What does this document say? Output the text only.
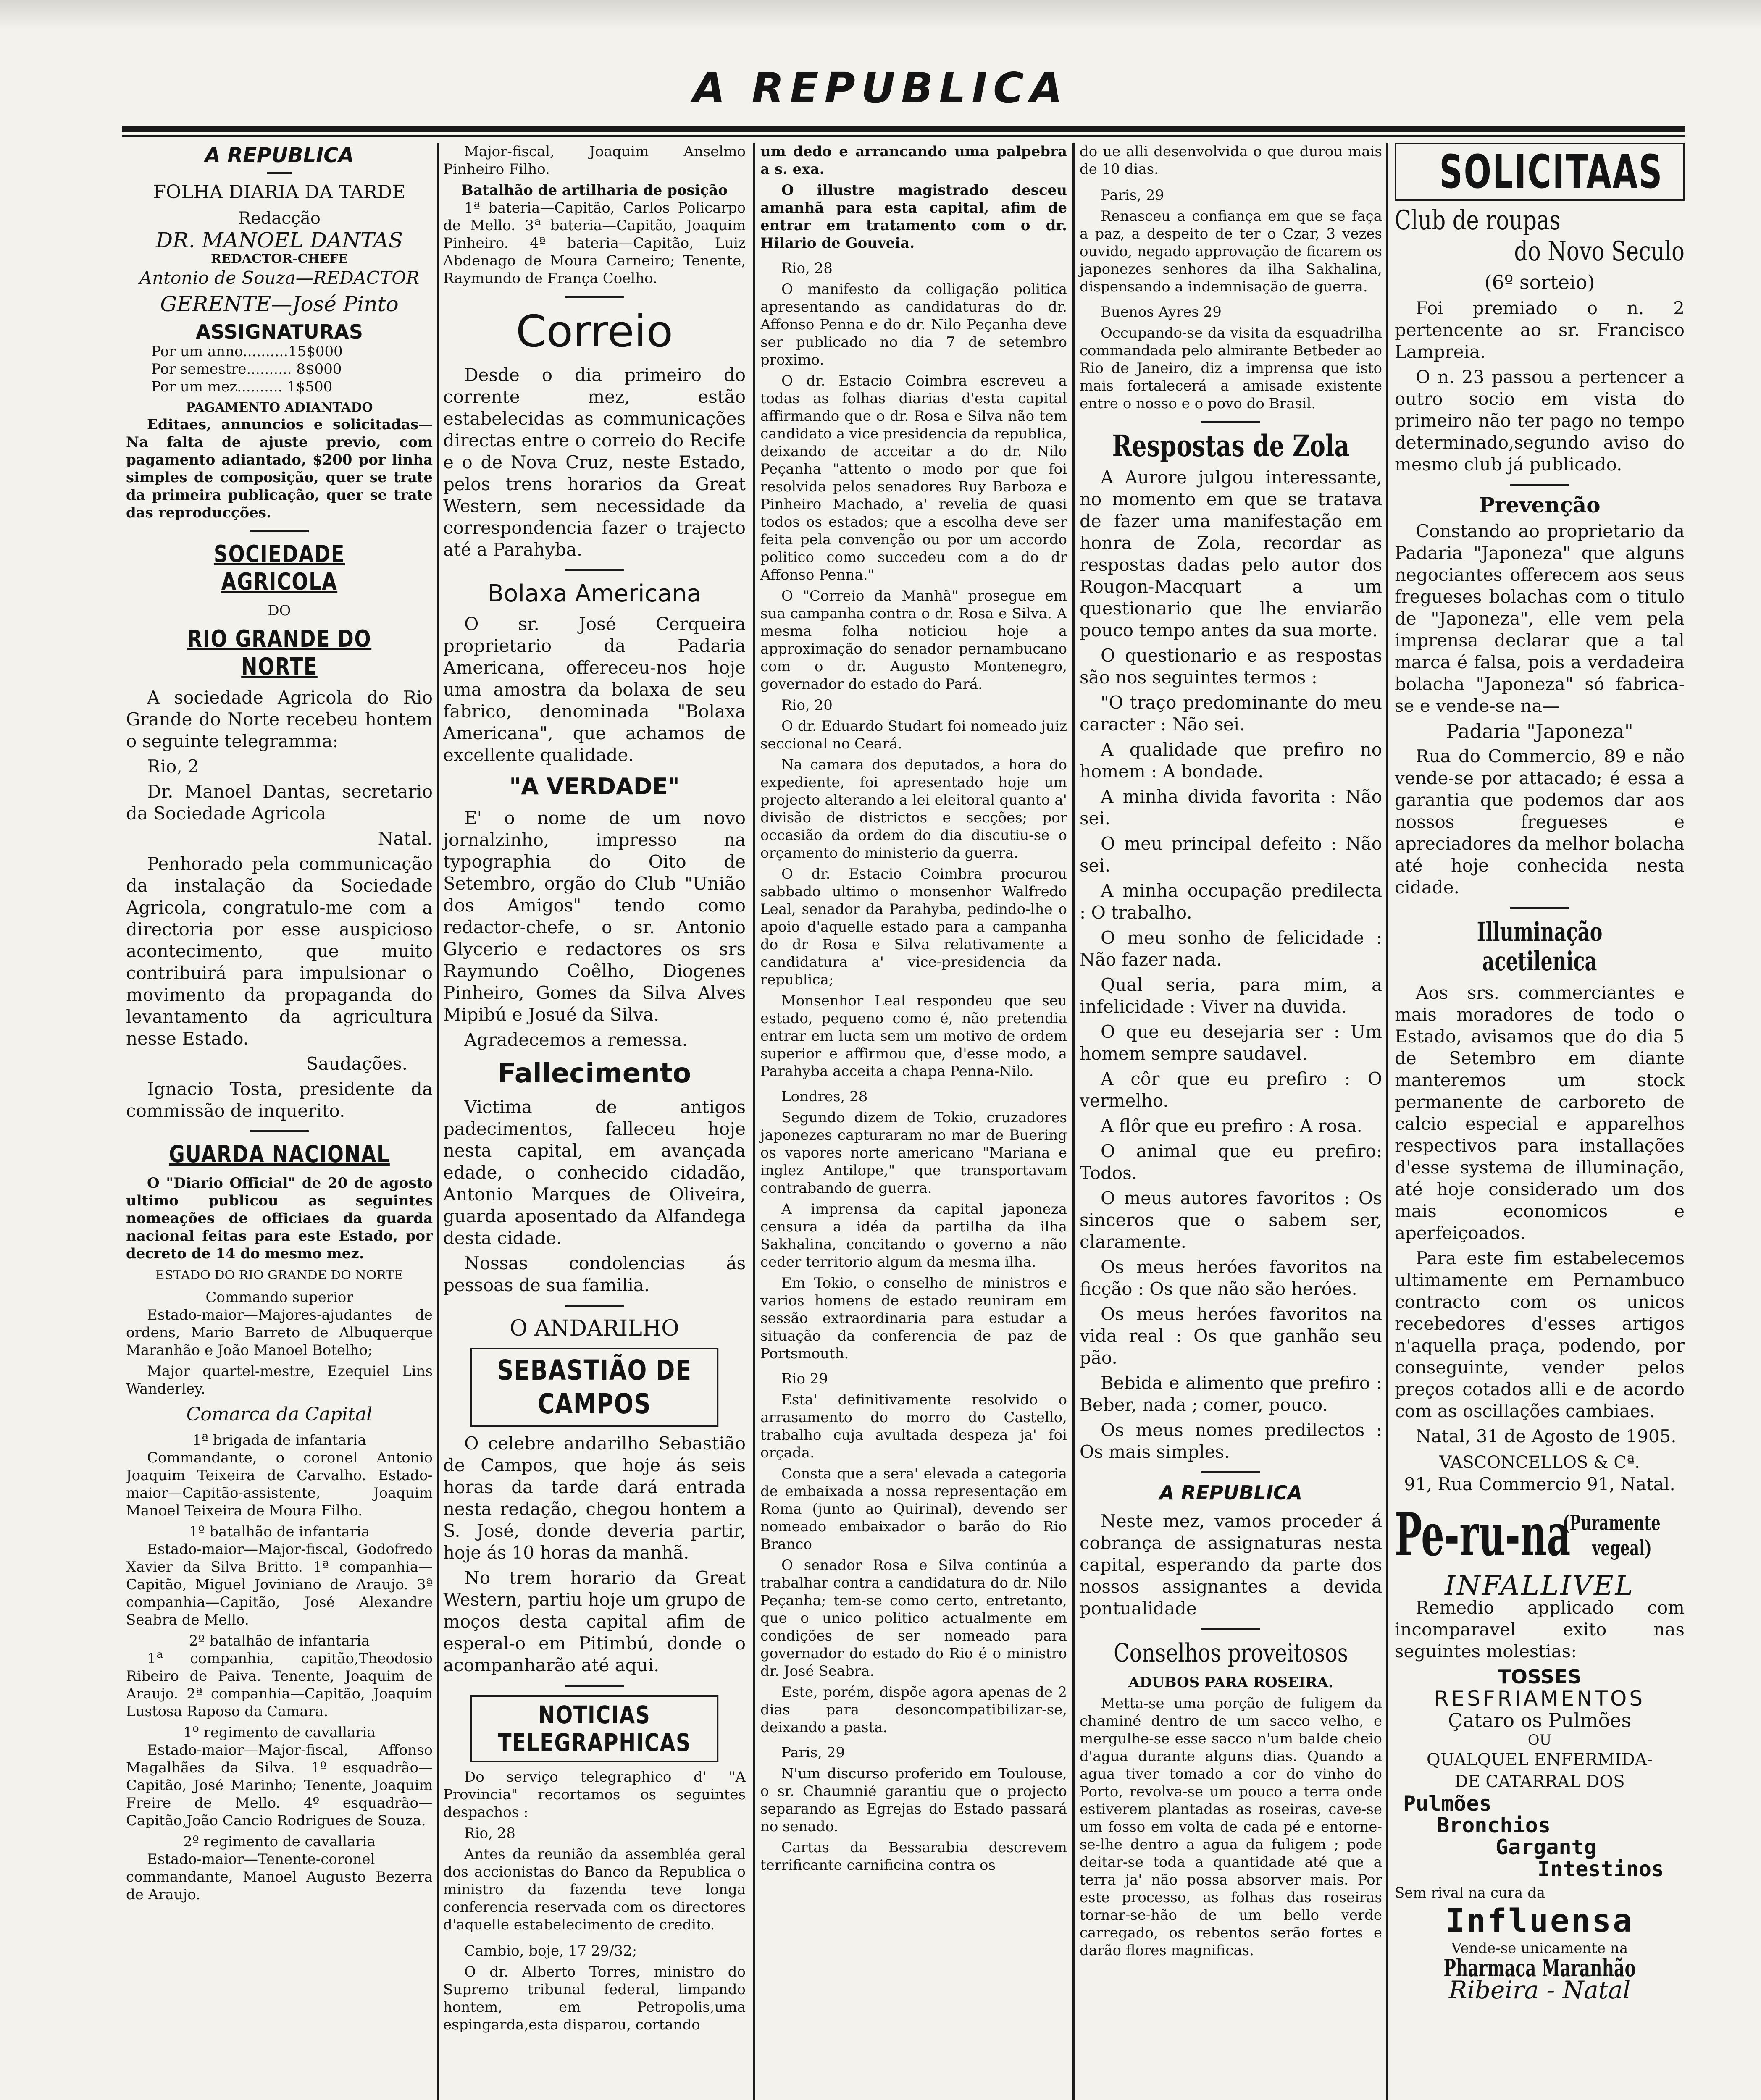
A REPUBLICA
A REPUBLICA
FOLHA DIARIA DA TARDE
Redacção
DR. MANOEL DANTAS
REDACTOR-CHEFE
Antonio de Souza—REDACTOR
GERENTE—José Pinto
ASSIGNATURAS
Por um anno..........15$000
Por semestre.......... 8$000
Por um mez.......... 1$500
PAGAMENTO ADIANTADO

Editaes, annuncios e solicitadas—Na falta de ajuste previo, com pagamento adiantado, $200 por linha simples de composição, quer se trate da primeira publicação, quer se trate das reproducções.

SOCIEDADE AGRICOLA
DO
RIO GRANDE DO NORTE

A sociedade Agricola do Rio Grande do Norte recebeu hontem o seguinte telegramma:

Rio, 2

Dr. Manoel Dantas, secretario da Sociedade Agricola

Natal.

Penhorado pela communicação da instalação da Sociedade Agricola, congratulo-me com a directoria por esse auspicioso acontecimento, que muito contribuirá para impulsionar o movimento da propaganda do levantamento da agricultura nesse Estado.

Saudações.

Ignacio Tosta, presidente da commissão de inquerito.

GUARDA NACIONAL

O "Diario Official" de 20 de agosto ultimo publicou as seguintes nomeações de officiaes da guarda nacional feitas para este Estado, por decreto de 14 do mesmo mez.

ESTADO DO RIO GRANDE DO NORTE
Commando superior

Estado-maior—Majores-ajudantes de ordens, Mario Barreto de Albuquerque Maranhão e João Manoel Botelho;

Major quartel-mestre, Ezequiel Lins Wanderley.

Comarca da Capital
1ª brigada de infantaria

Commandante, o coronel Antonio Joaquim Teixeira de Carvalho. Estado-maior—Capitão-assistente, Joaquim Manoel Teixeira de Moura Filho.

1º batalhão de infantaria

Estado-maior—Major-fiscal, Godofredo Xavier da Silva Britto. 1ª companhia—Capitão, Miguel Joviniano de Araujo. 3ª companhia—Capitão, José Alexandre Seabra de Mello.

2º batalhão de infantaria

1ª companhia, capitão,Theodosio Ribeiro de Paiva. Tenente, Joaquim de Araujo. 2ª companhia—Capitão, Joaquim Lustosa Raposo da Camara.

1º regimento de cavallaria

Estado-maior—Major-fiscal, Affonso Magalhães da Silva. 1º esquadrão—Capitão, José Marinho; Tenente, Joaquim Freire de Mello. 4º esquadrão—Capitão,João Cancio Rodrigues de Souza.

2º regimento de cavallaria

Estado-maior—Tenente-coronel commandante, Manoel Augusto Bezerra de Araujo.

Major-fiscal, Joaquim Anselmo Pinheiro Filho.

Batalhão de artilharia de posição

1ª bateria—Capitão, Carlos Policarpo de Mello. 3ª bateria—Capitão, Joaquim Pinheiro. 4ª bateria—Capitão, Luiz Abdenago de Moura Carneiro; Tenente, Raymundo de França Coelho.

Correio

Desde o dia primeiro do corrente mez, estão estabelecidas as communicações directas entre o correio do Recife e o de Nova Cruz, neste Estado, pelos trens horarios da Great Western, sem necessidade da correspondencia fazer o trajecto até a Parahyba.

Bolaxa Americana

O sr. José Cerqueira proprietario da Padaria Americana, offereceu-nos hoje uma amostra da bolaxa de seu fabrico, denominada "Bolaxa Americana", que achamos de excellente qualidade.

"A VERDADE"

E' o nome de um novo jornalzinho, impresso na typographia do Oito de Setembro, orgão do Club "União dos Amigos" tendo como redactor-chefe, o sr. Antonio Glycerio e redactores os srs Raymundo Coêlho, Diogenes Pinheiro, Gomes da Silva Alves Mipibú e Josué da Silva.

Agradecemos a remessa.

Fallecimento

Victima de antigos padecimentos, falleceu hoje nesta capital, em avançada edade, o conhecido cidadão, Antonio Marques de Oliveira, guarda aposentado da Alfandega desta cidade.

Nossas condolencias ás pessoas de sua familia.

O ANDARILHO
SEBASTIÃO DE CAMPOS

O celebre andarilho Sebastião de Campos, que hoje ás seis horas da tarde dará entrada nesta redação, chegou hontem a S. José, donde deveria partir, hoje ás 10 horas da manhã.

No trem horario da Great Western, partiu hoje um grupo de moços desta capital afim de esperal-o em Pitimbú, donde o acompanharão até aqui.

NOTICIAS TELEGRAPHICAS

Do serviço telegraphico d' "A Provincia" recortamos os seguintes despachos :

Rio, 28

Antes da reunião da assembléa geral dos accionistas do Banco da Republica o ministro da fazenda teve longa conferencia reservada com os directores d'aquelle estabelecimento de credito.

Cambio, boje, 17 29/32;

O dr. Alberto Torres, ministro do Supremo tribunal federal, limpando hontem, em Petropolis,uma espingarda,esta disparou, cortando

um dedo e arrancando uma palpebra a s. exa.

O illustre magistrado desceu amanhã para esta capital, afim de entrar em tratamento com o dr. Hilario de Gouveia.

Rio, 28

O manifesto da colligação politica apresentando as candidaturas do dr. Affonso Penna e do dr. Nilo Peçanha deve ser publicado no dia 7 de setembro proximo.

O dr. Estacio Coimbra escreveu a todas as folhas diarias d'esta capital affirmando que o dr. Rosa e Silva não tem candidato a vice presidencia da republica, deixando de acceitar a do dr. Nilo Peçanha "attento o modo por que foi resolvida pelos senadores Ruy Barboza e Pinheiro Machado, a' revelia de quasi todos os estados; que a escolha deve ser feita pela convenção ou por um accordo politico como succedeu com a do dr Affonso Penna."

O "Correio da Manhã" prosegue em sua campanha contra o dr. Rosa e Silva. A mesma folha noticiou hoje a approximação do senador pernambucano com o dr. Augusto Montenegro, governador do estado do Pará.

Rio, 20

O dr. Eduardo Studart foi nomeado juiz seccional no Ceará.

Na camara dos deputados, a hora do expediente, foi apresentado hoje um projecto alterando a lei eleitoral quanto a' divisão de districtos e secções; por occasião da ordem do dia discutiu-se o orçamento do ministerio da guerra.

O dr. Estacio Coimbra procurou sabbado ultimo o monsenhor Walfredo Leal, senador da Parahyba, pedindo-lhe o apoio d'aquelle estado para a campanha do dr Rosa e Silva relativamente a candidatura a' vice-presidencia da republica;

Monsenhor Leal respondeu que seu estado, pequeno como é, não pretendia entrar em lucta sem um motivo de ordem superior e affirmou que, d'esse modo, a Parahyba acceita a chapa Penna-Nilo.

Londres, 28

Segundo dizem de Tokio, cruzadores japonezes capturaram no mar de Buering os vapores norte americano "Mariana e inglez Antilope," que transportavam contrabando de guerra.

A imprensa da capital japoneza censura a idéa da partilha da ilha Sakhalina, concitando o governo a não ceder territorio algum da mesma ilha.

Em Tokio, o conselho de ministros e varios homens de estado reuniram em sessão extraordinaria para estudar a situação da conferencia de paz de Portsmouth.

Rio 29

Esta' definitivamente resolvido o arrasamento do morro do Castello, trabalho cuja avultada despeza ja' foi orçada.

Consta que a sera' elevada a categoria de embaixada a nossa representação em Roma (junto ao Quirinal), devendo ser nomeado embaixador o barão do Rio Branco

O senador Rosa e Silva continúa a trabalhar contra a candidatura do dr. Nilo Peçanha; tem-se como certo, entretanto, que o unico politico actualmente em condições de ser nomeado para governador do estado do Rio é o ministro dr. José Seabra.

Este, porém, dispõe agora apenas de 2 dias para desoncompatibilizar-se, deixando a pasta.

Paris, 29

N'um discurso proferido em Toulouse, o sr. Chaumnié garantiu que o projecto separando as Egrejas do Estado passará no senado.

Cartas da Bessarabia descrevem terrificante carnificina contra os

do ue alli desenvolvida o que durou mais de 10 dias.

Paris, 29

Renasceu a confiança em que se faça a paz, a despeito de ter o Czar, 3 vezes ouvido, negado approvação de ficarem os japonezes senhores da ilha Sakhalina, dispensando a indemnisação de guerra.

Buenos Ayres 29

Occupando-se da visita da esquadrilha commandada pelo almirante Betbeder ao Rio de Janeiro, diz a imprensa que isto mais fortalecerá a amisade existente entre o nosso e o povo do Brasil.

Respostas de Zola

A Aurore julgou interessante, no momento em que se tratava de fazer uma manifestação em honra de Zola, recordar as respostas dadas pelo autor dos Rougon-Macquart a um questionario que lhe enviarão pouco tempo antes da sua morte.

O questionario e as respostas são nos seguintes termos :

"O traço predominante do meu caracter : Não sei.

A qualidade que prefiro no homem : A bondade.

A minha divida favorita : Não sei.

O meu principal defeito : Não sei.

A minha occupação predilecta : O trabalho.

O meu sonho de felicidade : Não fazer nada.

Qual seria, para mim, a infelicidade : Viver na duvida.

O que eu desejaria ser : Um homem sempre saudavel.

A côr que eu prefiro : O vermelho.

A flôr que eu prefiro : A rosa.

O animal que eu prefiro: Todos.

O meus autores favoritos : Os sinceros que o sabem ser, claramente.

Os meus heróes favoritos na ficção : Os que não são heróes.

Os meus heróes favoritos na vida real : Os que ganhão seu pão.

Bebida e alimento que prefiro : Beber, nada ; comer, pouco.

Os meus nomes predilectos : Os mais simples.

A REPUBLICA

Neste mez, vamos proceder á cobrança de assignaturas nesta capital, esperando da parte dos nossos assignantes a devida pontualidade

Conselhos proveitosos

ADUBOS PARA ROSEIRA.

Metta-se uma porção de fuligem da chaminé dentro de um sacco velho, e mergulhe-se esse sacco n'um balde cheio d'agua durante alguns dias. Quando a agua tiver tomado a cor do vinho do Porto, revolva-se um pouco a terra onde estiverem plantadas as roseiras, cave-se um fosso em volta de cada pé e entorne-se-lhe dentro a agua da fuligem ; pode deitar-se toda a quantidade até que a terra ja' não possa absorver mais. Por este processo, as folhas das roseiras tornar-se-hão de um bello verde carregado, os rebentos serão fortes e darão flores magnificas.

SOLICITAAS
Club de roupas
do Novo Seculo
(6º sorteio)

Foi premiado o n. 2 pertencente ao sr. Francisco Lampreia.

O n. 23 passou a pertencer a outro socio em vista do primeiro não ter pago no tempo determinado,segundo aviso do mesmo club já publicado.

Prevenção

Constando ao proprietario da Padaria "Japoneza" que alguns negociantes offerecem aos seus fregueses bolachas com o titulo de "Japoneza", elle vem pela imprensa declarar que a tal marca é falsa, pois a verdadeira bolacha "Japoneza" só fabrica-se e vende-se na—

Padaria "Japoneza"

Rua do Commercio, 89 e não vende-se por attacado; é essa a garantia que podemos dar aos nossos fregueses e apreciadores da melhor bolacha até hoje conhecida nesta cidade.

Illuminação acetilenica

Aos srs. commerciantes e mais moradores de todo o Estado, avisamos que do dia 5 de Setembro em diante manteremos um stock permanente de carboreto de calcio especial e apparelhos respectivos para installações d'esse systema de illuminação, até hoje considerado um dos mais economicos e aperfeiçoados.

Para este fim estabelecemos ultimamente em Pernambuco contracto com os unicos recebedores d'esses artigos n'aquella praça, podendo, por conseguinte, vender pelos preços cotados alli e de acordo com as oscillações cambiaes.

Natal, 31 de Agosto de 1905.

VASCONCELLOS & Cª.
91, Rua Commercio 91, Natal.
Pe-ru-na
(Puramente
vegeal)
INFALLIVEL

Remedio applicado com incomparavel exito nas seguintes molestias:

TOSSES
RESFRIAMENTOS
Çataro os Pulmões
OU
QUALQUEL ENFERMIDA-
DE CATARRAL DOS
Pulmões
Bronchios
Gargantg
Intestinos
Sem rival na cura da
Influensa
Vende-se unicamente na
Pharmaca Maranhão
Ribeira - Natal
